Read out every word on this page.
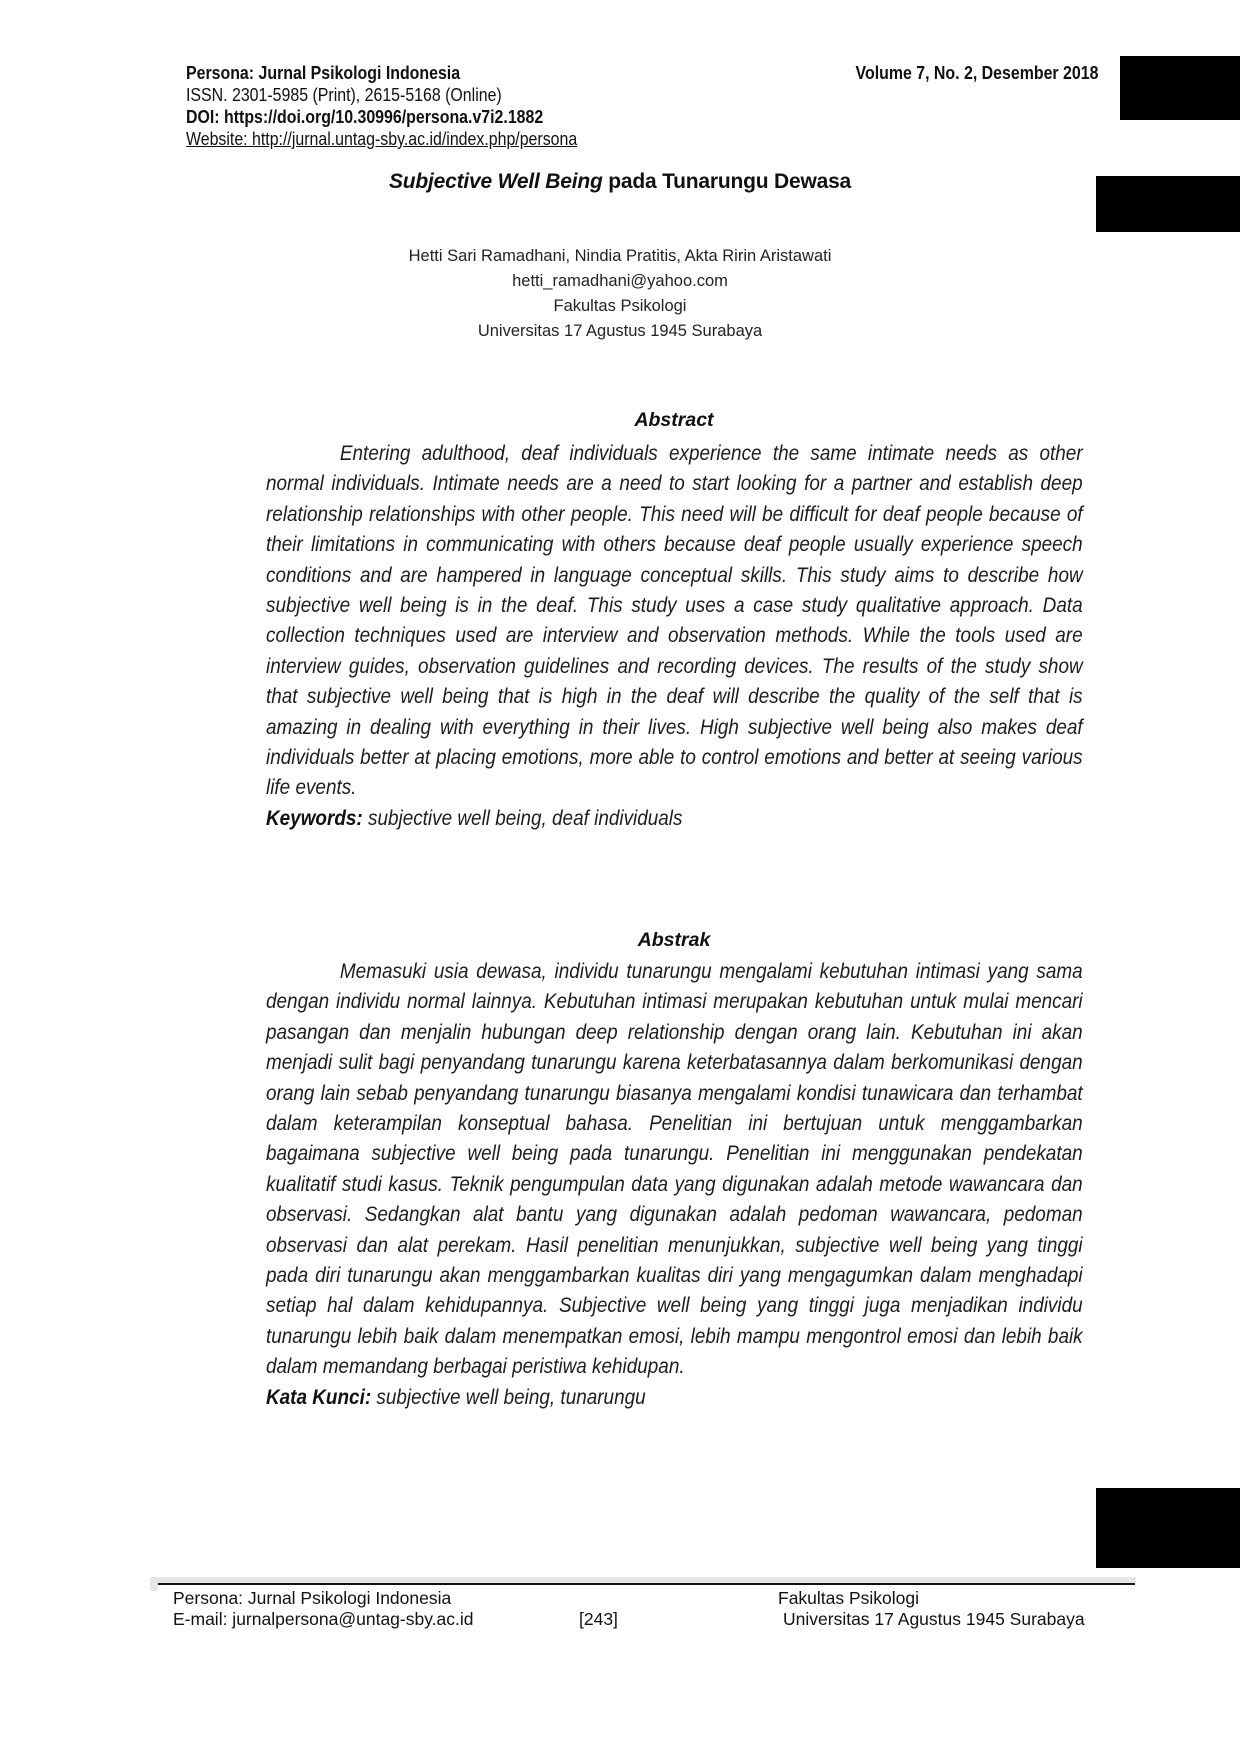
Persona: Jurnal Psikologi Indonesia
ISSN. 2301-5985 (Print), 2615-5168 (Online)
DOI: https://doi.org/10.30996/persona.v7i2.1882
Website: http://jurnal.untag-sby.ac.id/index.php/persona
Volume 7, No. 2, Desember 2018
Subjective Well Being pada Tunarungu Dewasa
Hetti Sari Ramadhani, Nindia Pratitis, Akta Ririn Aristawati
hetti_ramadhani@yahoo.com
Fakultas Psikologi
Universitas 17 Agustus 1945 Surabaya
Abstract

Entering adulthood, deaf individuals experience the same intimate needs as other normal individuals. Intimate needs are a need to start looking for a partner and establish deep relationship relationships with other people. This need will be difficult for deaf people because of their limitations in communicating with others because deaf people usually experience speech conditions and are hampered in language conceptual skills. This study aims to describe how subjective well being is in the deaf. This study uses a case study qualitative approach. Data collection techniques used are interview and observation methods. While the tools used are interview guides, observation guidelines and recording devices. The results of the study show that subjective well being that is high in the deaf will describe the quality of the self that is amazing in dealing with everything in their lives. High subjective well being also makes deaf individuals better at placing emotions, more able to control emotions and better at seeing various life events.

Keywords: subjective well being, deaf individuals
Abstrak

Memasuki usia dewasa, individu tunarungu mengalami kebutuhan intimasi yang sama dengan individu normal lainnya. Kebutuhan intimasi merupakan kebutuhan untuk mulai mencari pasangan dan menjalin hubungan deep relationship dengan orang lain. Kebutuhan ini akan menjadi sulit bagi penyandang tunarungu karena keterbatasannya dalam berkomunikasi dengan orang lain sebab penyandang tunarungu biasanya mengalami kondisi tunawicara dan terhambat dalam keterampilan konseptual bahasa. Penelitian ini bertujuan untuk menggambarkan bagaimana subjective well being pada tunarungu. Penelitian ini menggunakan pendekatan kualitatif studi kasus. Teknik pengumpulan data yang digunakan adalah metode wawancara dan observasi. Sedangkan alat bantu yang digunakan adalah pedoman wawancara, pedoman observasi dan alat perekam. Hasil penelitian menunjukkan, subjective well being yang tinggi pada diri tunarungu akan menggambarkan kualitas diri yang mengagumkan dalam menghadapi setiap hal dalam kehidupannya. Subjective well being yang tinggi juga menjadikan individu tunarungu lebih baik dalam menempatkan emosi, lebih mampu mengontrol emosi dan lebih baik dalam memandang berbagai peristiwa kehidupan.

Kata Kunci: subjective well being, tunarungu
Persona: Jurnal Psikologi Indonesia
E-mail: jurnalpersona@untag-sby.ac.id	[243]
Fakultas Psikologi
Universitas 17 Agustus 1945 Surabaya
